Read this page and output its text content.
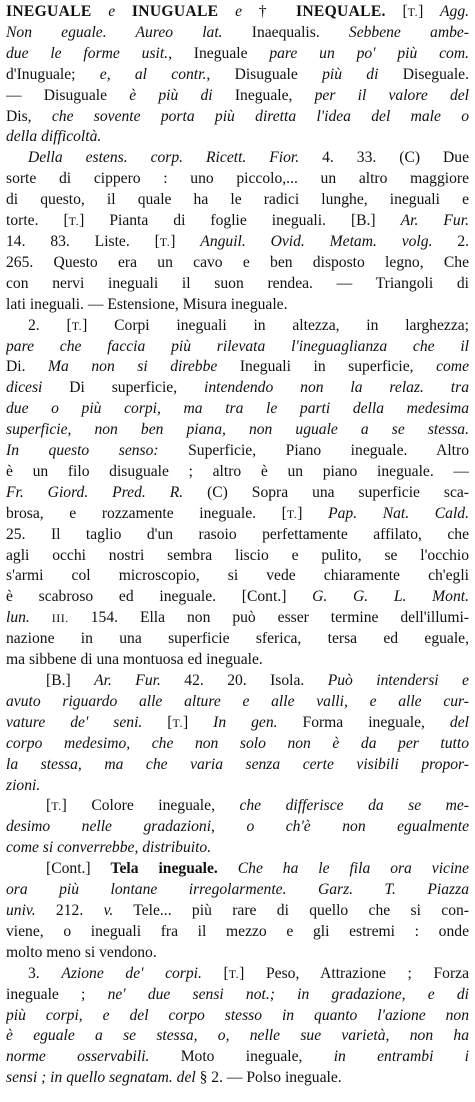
INEGUALE e INUGUALE e † INEQUALE. [T.] Agg.
Non eguale. Aureo lat. Inaequalis. Sebbene ambe-
due le forme usit., Ineguale pare un po' più com.
d'Inuguale; e, al contr., Disuguale più di Diseguale.
— Disuguale è più di Ineguale, per il valore del
Dis, che sovente porta più diretta l'idea del male o
della difficoltà.
Della estens. corp. Ricett. Fior. 4. 33. (C) Due
sorte di cippero : uno piccolo,... un altro maggiore
di questo, il quale ha le radici lunghe, ineguali e
torte. [T.] Pianta di foglie ineguali. [B.] Ar. Fur.
14. 83. Liste. [T.] Anguil. Ovid. Metam. volg. 2.
265. Questo era un cavo e ben disposto legno, Che
con nervi ineguali il suon rendea. — Triangoli di
lati ineguali. — Estensione, Misura ineguale.
2. [T.] Corpi ineguali in altezza, in larghezza;
pare che faccia più rilevata l'ineguaglianza che il
Di. Ma non si direbbe Ineguali in superficie, come
dicesi Di superficie, intendendo non la relaz. tra
due o più corpi, ma tra le parti della medesima
superficie, non ben piana, non uguale a se stessa.
In questo senso: Superficie, Piano ineguale. Altro
è un filo disuguale ; altro è un piano ineguale. —
Fr. Giord. Pred. R. (C) Sopra una superficie sca-
brosa, e rozzamente ineguale. [T.] Pap. Nat. Cald.
25. Il taglio d'un rasoio perfettamente affilato, che
agli occhi nostri sembra liscio e pulito, se l'occhio
s'armi col microscopio, si vede chiaramente ch'egli
è scabroso ed ineguale. [Cont.] G. G. L. Mont.
lun. III. 154. Ella non può esser termine dell'illumi-
nazione in una superficie sferica, tersa ed eguale,
ma sibbene di una montuosa ed ineguale.
[B.] Ar. Fur. 42. 20. Isola. Può intendersi e
avuto riguardo alle alture e alle valli, e alle cur-
vature de' seni. [T.] In gen. Forma ineguale, del
corpo medesimo, che non solo non è da per tutto
la stessa, ma che varia senza certe visibili propor-
zioni.
[T.] Colore ineguale, che differisce da se me-
desimo nelle gradazioni, o ch'è non egualmente
come si converrebbe, distribuito.
[Cont.] Tela ineguale. Che ha le fila ora vicine
ora più lontane irregolarmente. Garz. T. Piazza
univ. 212. v. Tele... più rare di quello che si con-
viene, o ineguali fra il mezzo e gli estremi : onde
molto meno si vendono.
3. Azione de' corpi. [T.] Peso, Attrazione ; Forza
ineguale ; ne' due sensi not.; in gradazione, e di
più corpi, e del corpo stesso in quanto l'azione non
è eguale a se stessa, o, nelle sue varietà, non ha
norme osservabili. Moto ineguale, in entrambi i
sensi ; in quello segnatam. del § 2. — Polso ineguale.
